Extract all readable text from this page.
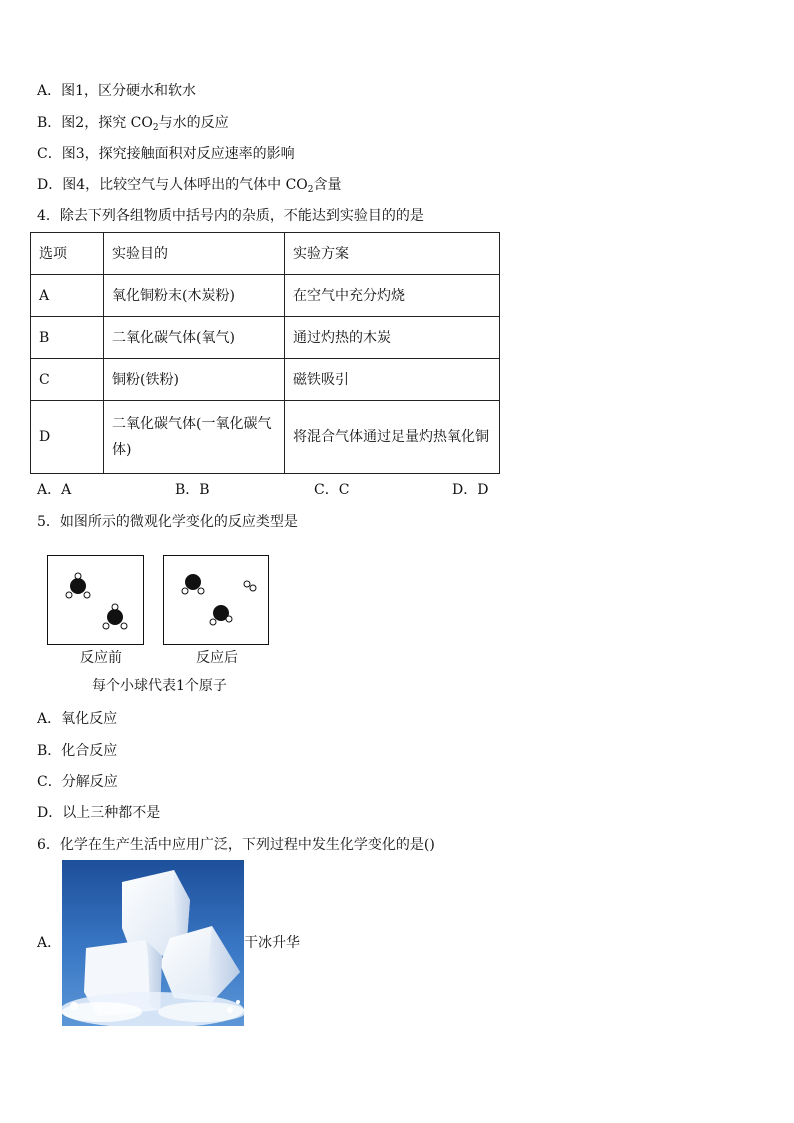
A．图1，区分硬水和软水
B．图2，探究 $CO_2$与水的反应
C．图3，探究接触面积对反应速率的影响
D．图4，比较空气与人体呼出的气体中 $CO_2$含量
4．除去下列各组物质中括号内的杂质，不能达到实验目的的是
选项	实验目的	实验方案
A	氧化铜粉末(木炭粉)	在空气中充分灼烧
B	二氧化碳气体(氧气)	通过灼热的木炭
C	铜粉(铁粉)	磁铁吸引
D	二氧化碳气体(一氧化碳气体)	将混合气体通过足量灼热氧化铜
A．A	B．B	C．C	D．D
5．如图所示的微观化学变化的反应类型是
反应前	反应后
每个小球代表1个原子
A．氧化反应
B．化合反应
C．分解反应
D．以上三种都不是
6．化学在生产生活中应用广泛，下列过程中发生化学变化的是()
A．	干冰升华
